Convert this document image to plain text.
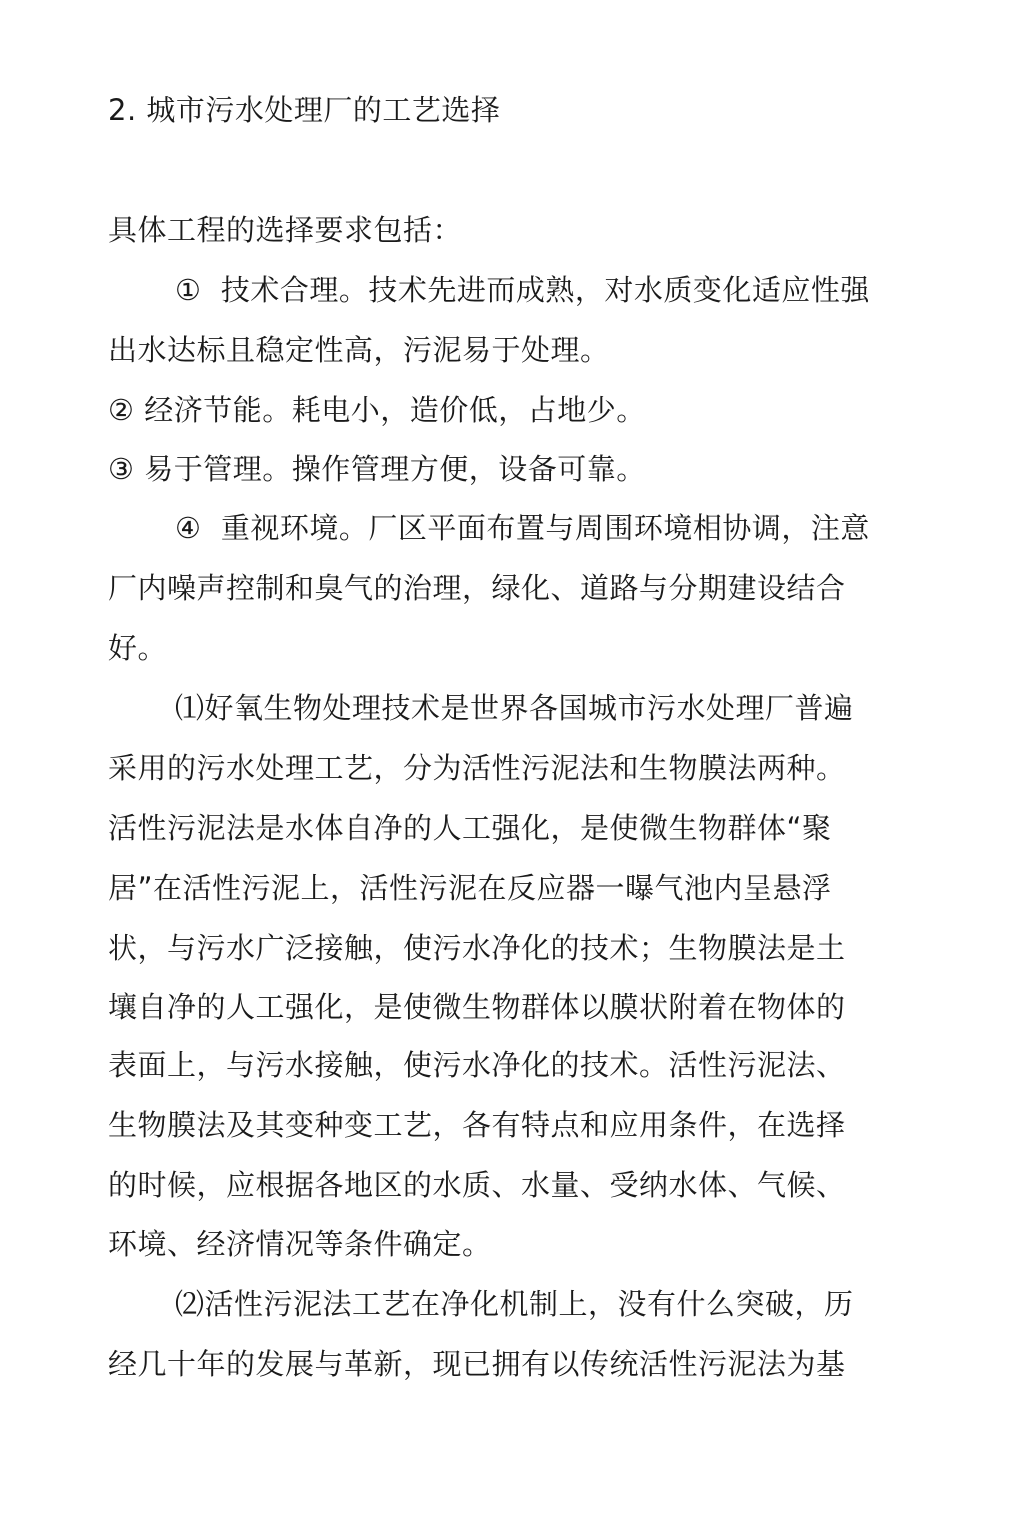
2. 城市污水处理厂的工艺选择
具体工程的选择要求包括：
①  技术合理。技术先进而成熟，对水质变化适应性强
出水达标且稳定性高，污泥易于处理。
② 经济节能。耗电小，造价低，占地少。
③ 易于管理。操作管理方便，设备可靠。
④  重视环境。厂区平面布置与周围环境相协调，注意
厂内噪声控制和臭气的治理，绿化、道路与分期建设结合
好。
⑴好氧生物处理技术是世界各国城市污水处理厂普遍
采用的污水处理工艺，分为活性污泥法和生物膜法两种。
活性污泥法是水体自净的人工强化，是使微生物群体“聚
居”在活性污泥上，活性污泥在反应器一曝气池内呈悬浮
状，与污水广泛接触，使污水净化的技术；生物膜法是土
壤自净的人工强化，是使微生物群体以膜状附着在物体的
表面上，与污水接触，使污水净化的技术。活性污泥法、
生物膜法及其变种变工艺，各有特点和应用条件，在选择
的时候，应根据各地区的水质、水量、受纳水体、气候、
环境、经济情况等条件确定。
⑵活性污泥法工艺在净化机制上，没有什么突破，历
经几十年的发展与革新，现已拥有以传统活性污泥法为基
